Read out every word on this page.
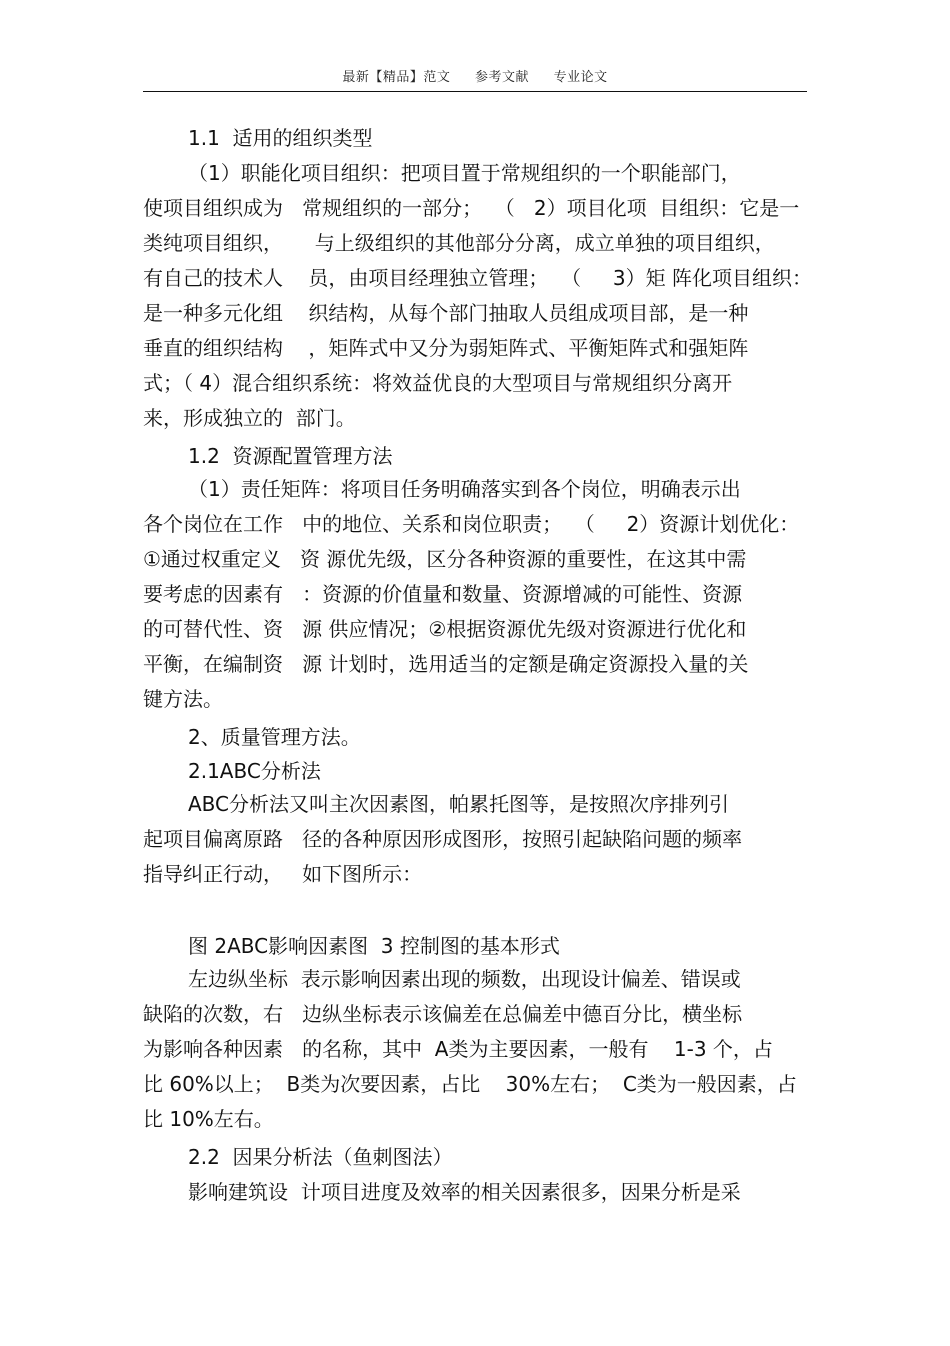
最新【精品】范文 参考文献 专业论文
1.1  适用的组织类型
（1）职能化项目组织：把项目置于常规组织的一个职能部门，
使项目组织成为   常规组织的一部分；  （   2）项目化项  目组织：它是一
类纯项目组织，     与上级组织的其他部分分离，成立单独的项目组织，
有自己的技术人    员，由项目经理独立管理；  （     3）矩 阵化项目组织：
是一种多元化组    织结构，从每个部门抽取人员组成项目部，是一种
垂直的组织结构    ，矩阵式中又分为弱矩阵式、平衡矩阵式和强矩阵
式；（ 4）混合组织系统：将效益优良的大型项目与常规组织分离开
来，形成独立的  部门。
1.2  资源配置管理方法
（1）责任矩阵：将项目任务明确落实到各个岗位，明确表示出
各个岗位在工作   中的地位、关系和岗位职责；  （     2）资源计划优化：
①通过权重定义   资 源优先级，区分各种资源的重要性，在这其中需
要考虑的因素有   ：资源的价值量和数量、资源增减的可能性、资源
的可替代性、资   源 供应情况；②根据资源优先级对资源进行优化和
平衡，在编制资   源 计划时，选用适当的定额是确定资源投入量的关
键方法。
2、质量管理方法。
2.1ABC分析法
ABC分析法又叫主次因素图，帕累托图等，是按照次序排列引
起项目偏离原路   径的各种原因形成图形，按照引起缺陷问题的频率
指导纠正行动，   如下图所示：
图 2ABC影响因素图  3 控制图的基本形式
左边纵坐标  表示影响因素出现的频数，出现设计偏差、错误或
缺陷的次数，右   边纵坐标表示该偏差在总偏差中德百分比，横坐标
为影响各种因素   的名称，其中  A类为主要因素，一般有    1-3 个，占
比 60%以上；  B类为次要因素，占比    30%左右；  C类为一般因素，占
比 10%左右。
2.2  因果分析法（鱼刺图法）
影响建筑设  计项目进度及效率的相关因素很多，因果分析是采
